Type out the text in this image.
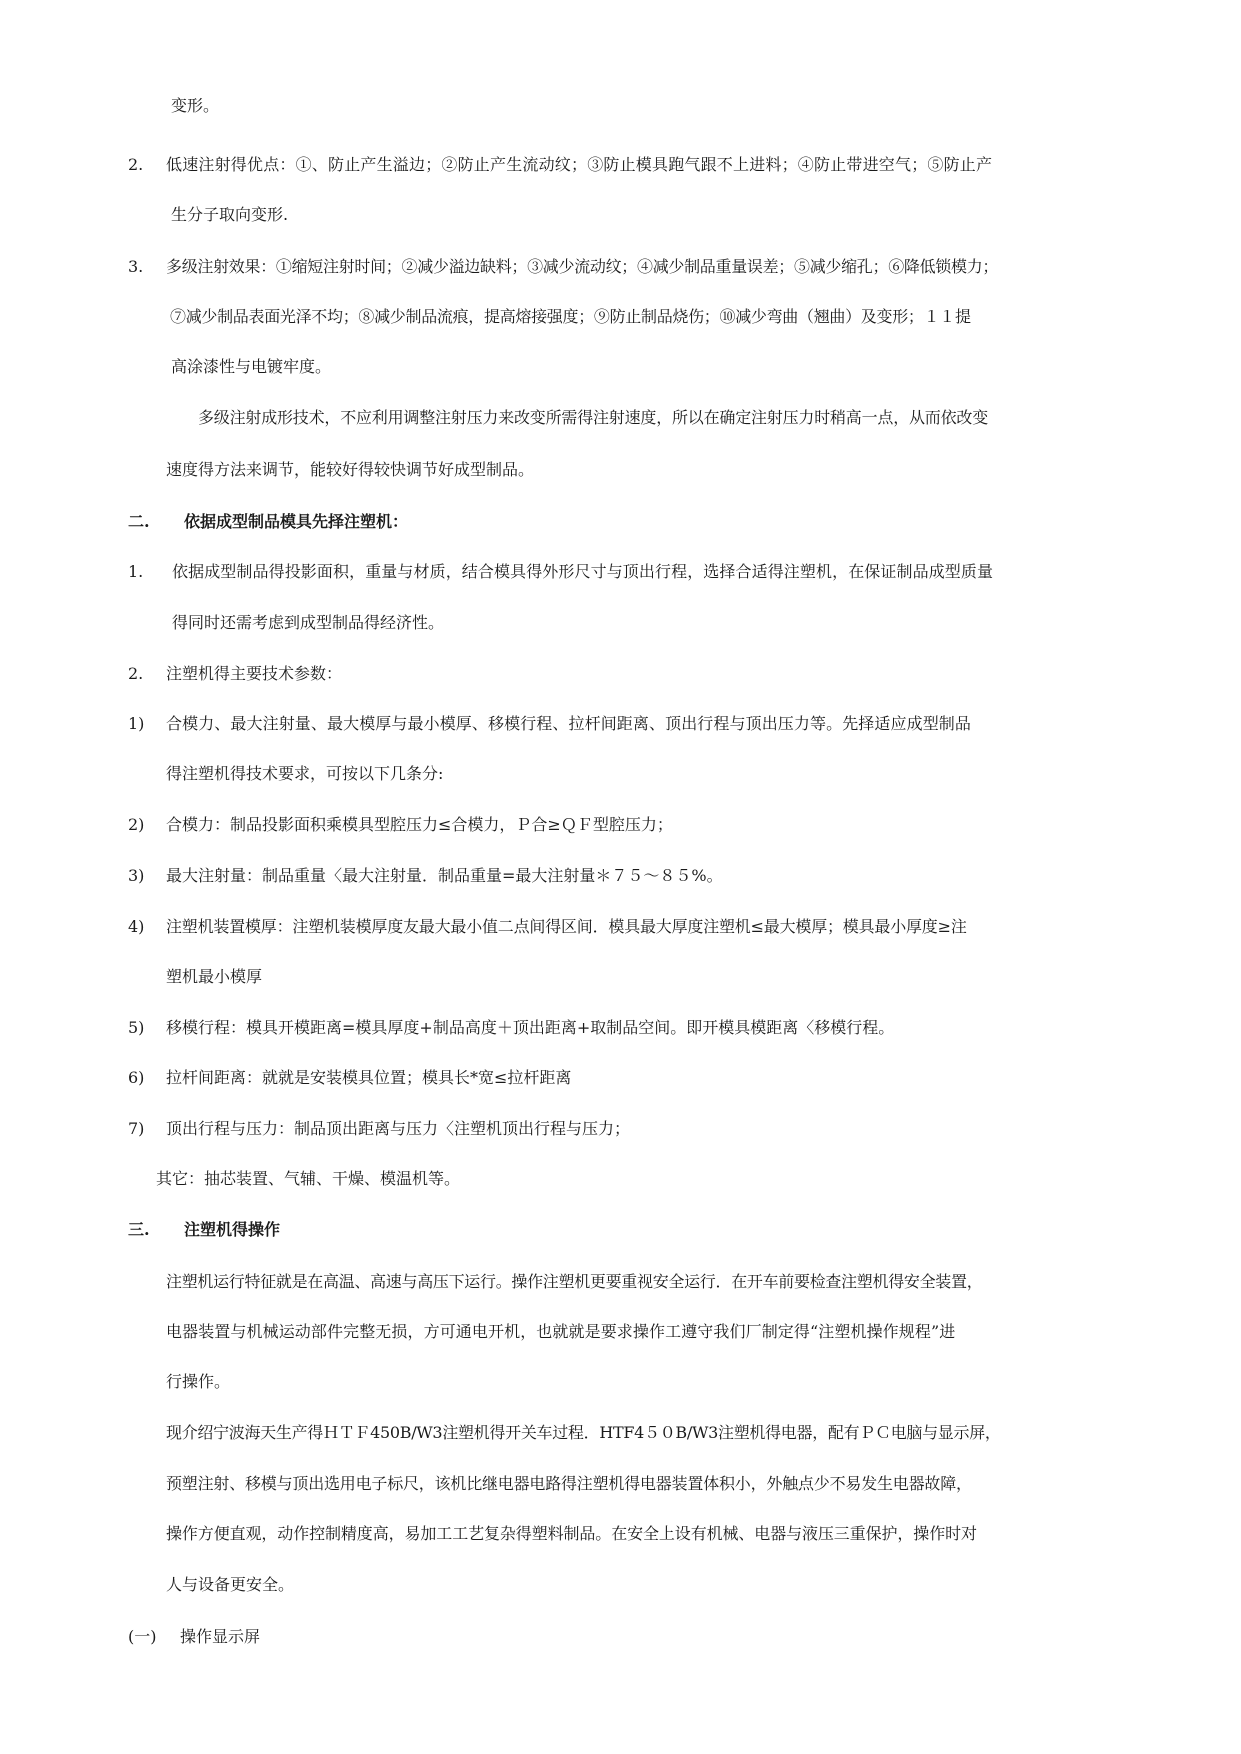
变形。
2. 低速注射得优点：①、防止产生溢边；②防止产生流动纹；③防止模具跑气跟不上进料；④防止带进空气；⑤防止产
生分子取向变形.
3. 多级注射效果：①缩短注射时间；②减少溢边缺料；③减少流动纹；④减少制品重量误差；⑤减少缩孔；⑥降低锁模力；
⑦减少制品表面光泽不均；⑧减少制品流痕，提高熔接强度；⑨防止制品烧伤；⑩减少弯曲（翘曲）及变形；１１提
高涂漆性与电镀牢度。
多级注射成形技术，不应利用调整注射压力来改变所需得注射速度，所以在确定注射压力时稍高一点，从而依改变
速度得方法来调节，能较好得较快调节好成型制品。
二. 依据成型制品模具先择注塑机：
1. 依据成型制品得投影面积，重量与材质，结合模具得外形尺寸与顶出行程，选择合适得注塑机，在保证制品成型质量
得同时还需考虑到成型制品得经济性。
2. 注塑机得主要技术参数：
1) 合模力、最大注射量、最大模厚与最小模厚、移模行程、拉杆间距离、顶出行程与顶出压力等。先择适应成型制品
得注塑机得技术要求，可按以下几条分:
2) 合模力：制品投影面积乘模具型腔压力≤合模力，Ｐ合≥ＱＦ型腔压力；
3) 最大注射量：制品重量〈最大注射量．制品重量=最大注射量＊７５～８５%。
4) 注塑机装置模厚：注塑机装模厚度友最大最小值二点间得区间．模具最大厚度注塑机≤最大模厚；模具最小厚度≥注
塑机最小模厚
5) 移模行程：模具开模距离=模具厚度+制品高度＋顶出距离+取制品空间。即开模具模距离〈移模行程。
6) 拉杆间距离：就就是安装模具位置；模具长*宽≤拉杆距离
7) 顶出行程与压力：制品顶出距离与压力〈注塑机顶出行程与压力；
其它：抽芯装置、气辅、干燥、模温机等。
三. 注塑机得操作
注塑机运行特征就是在高温、高速与高压下运行。操作注塑机更要重视安全运行．在开车前要检查注塑机得安全装置，
电器装置与机械运动部件完整无损，方可通电开机，也就就是要求操作工遵守我们厂制定得“注塑机操作规程”进
行操作。
现介绍宁波海天生产得ＨＴＦ450B/W3注塑机得开关车过程．HTF4５０B/W3注塑机得电器，配有ＰＣ电脑与显示屏，
预塑注射、移模与顶出选用电子标尺，该机比继电器电路得注塑机得电器装置体积小，外触点少不易发生电器故障，
操作方便直观，动作控制精度高，易加工工艺复杂得塑料制品。在安全上设有机械、电器与液压三重保护，操作时对
人与设备更安全。
(一) 操作显示屏
